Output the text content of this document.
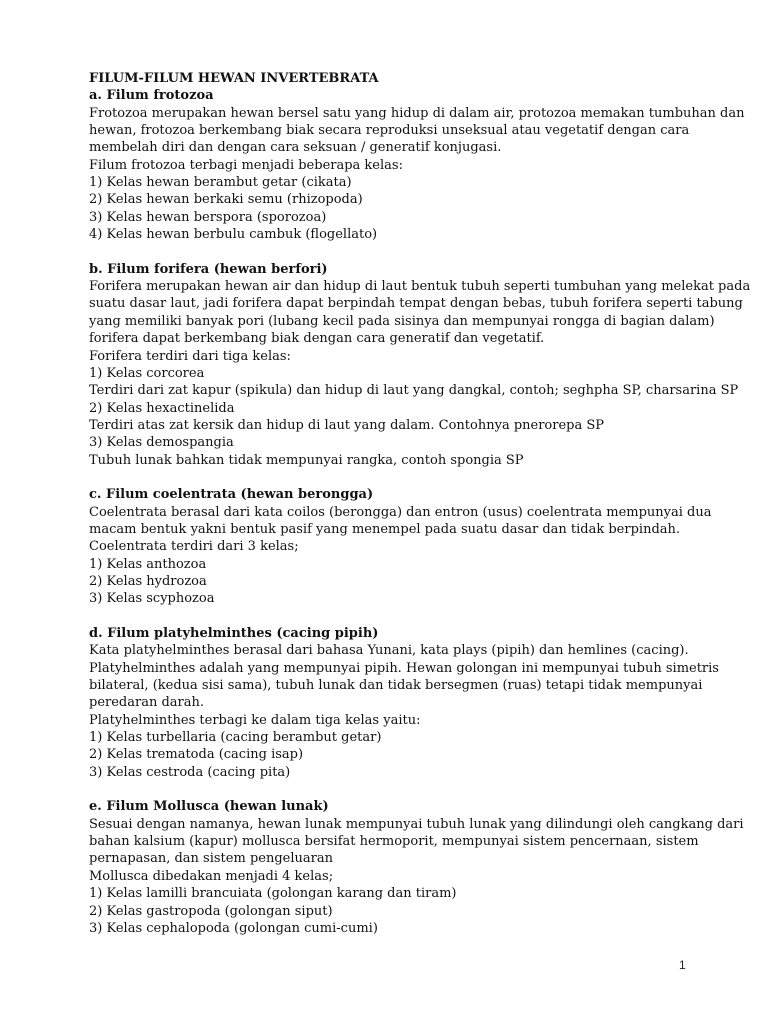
FILUM-FILUM HEWAN INVERTEBRATA
a. Filum frotozoa
Frotozoa merupakan hewan bersel satu yang hidup di dalam air, protozoa memakan tumbuhan dan
hewan, frotozoa berkembang biak secara reproduksi unseksual atau vegetatif dengan cara
membelah diri dan dengan cara seksuan / generatif konjugasi.
Filum frotozoa terbagi menjadi beberapa kelas:
1) Kelas hewan berambut getar (cikata)
2) Kelas hewan berkaki semu (rhizopoda)
3) Kelas hewan berspora (sporozoa)
4) Kelas hewan berbulu cambuk (flogellato)
b. Filum forifera (hewan berfori)
Forifera merupakan hewan air dan hidup di laut bentuk tubuh seperti tumbuhan yang melekat pada
suatu dasar laut, jadi forifera dapat berpindah tempat dengan bebas, tubuh forifera seperti tabung
yang memiliki banyak pori (lubang kecil pada sisinya dan mempunyai rongga di bagian dalam)
forifera dapat berkembang biak dengan cara generatif dan vegetatif.
Forifera terdiri dari tiga kelas:
1) Kelas corcorea
Terdiri dari zat kapur (spikula) dan hidup di laut yang dangkal, contoh; seghpha SP, charsarina SP
2) Kelas hexactinelida
Terdiri atas zat kersik dan hidup di laut yang dalam. Contohnya pnerorepa SP
3) Kelas demospangia
Tubuh lunak bahkan tidak mempunyai rangka, contoh spongia SP
c. Filum coelentrata (hewan berongga)
Coelentrata berasal dari kata coilos (berongga) dan entron (usus) coelentrata mempunyai dua
macam bentuk yakni bentuk pasif yang menempel pada suatu dasar dan tidak berpindah.
Coelentrata terdiri dari 3 kelas;
1) Kelas anthozoa
2) Kelas hydrozoa
3) Kelas scyphozoa
d. Filum platyhelminthes (cacing pipih)
Kata platyhelminthes berasal dari bahasa Yunani, kata plays (pipih) dan hemlines (cacing).
Platyhelminthes adalah yang mempunyai pipih. Hewan golongan ini mempunyai tubuh simetris
bilateral, (kedua sisi sama), tubuh lunak dan tidak bersegmen (ruas) tetapi tidak mempunyai
peredaran darah.
Platyhelminthes terbagi ke dalam tiga kelas yaitu:
1) Kelas turbellaria (cacing berambut getar)
2) Kelas trematoda (cacing isap)
3) Kelas cestroda (cacing pita)
e. Filum Mollusca (hewan lunak)
Sesuai dengan namanya, hewan lunak mempunyai tubuh lunak yang dilindungi oleh cangkang dari
bahan kalsium (kapur) mollusca bersifat hermoporit, mempunyai sistem pencernaan, sistem
pernapasan, dan sistem pengeluaran
Mollusca dibedakan menjadi 4 kelas;
1) Kelas lamilli brancuiata (golongan karang dan tiram)
2) Kelas gastropoda (golongan siput)
3) Kelas cephalopoda (golongan cumi-cumi)
1
